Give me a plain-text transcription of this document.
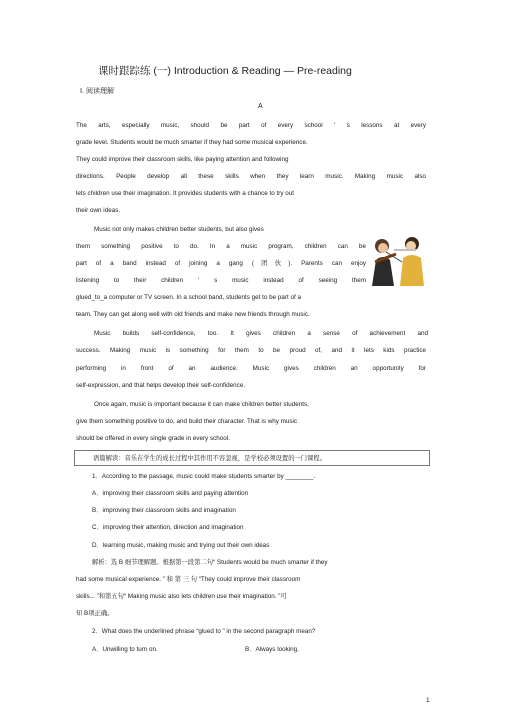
课时跟踪练 (一) Introduction & Reading — Pre-reading
Ⅰ. 阅读理解
A
The arts, especially music, should be part of every school ' s lessons at every
grade level. Students would be much smarter if they had some musical experience.
They could improve their classroom skills, like paying attention and following
directions. People develop all these skills when they learn music. Making music also
lets children use their imagination. It provides students with a chance to try out
their own ideas.
Music not only makes children better students, but also gives
them something positive to do. In a music program, children can be
part of a band instead of joining a gang (团伙). Parents can enjoy
listening to their children ' s music instead of seeing them
glued_to_a computer or TV screen. In a school band, students get to be part of a
team. They can get along well with old friends and make new friends through music.
Music builds self-confidence, too. It gives children a sense of achievement and
success. Making music is something for them to be proud of, and it lets kids practice
performing in front of an audience. Music gives children an opportunity for
self-expression, and that helps develop their self-confidence.
Once again, music is important because it can make children better students,
give them something positive to do, and build their character. That is why music
should be offered in every single grade in every school.
语篇解读：音乐在学生的成长过程中其作用不容忽视，是学校必须设置的一门课程。
1．According to the passage, music could make students smarter by ________.
A．improving their classroom skills and paying attention
B．improving their classroom skills and imagination
C．improving their attention, direction and imagination
D．learning music, making music and trying out their own ideas
解析：选 B 细节理解题。根据第一段第二句“ Students would be much smarter if they
had some musical experience. ” 和 第 三 句 “They could improve their classroom
skills... ”和第五句“ Making music also lets children use their imagination. ”可
知 B项正确。
2．What does the underlined phrase “glued to ” in the second paragraph mean?
A．Unwilling to turn on.	B．Always looking.
1
